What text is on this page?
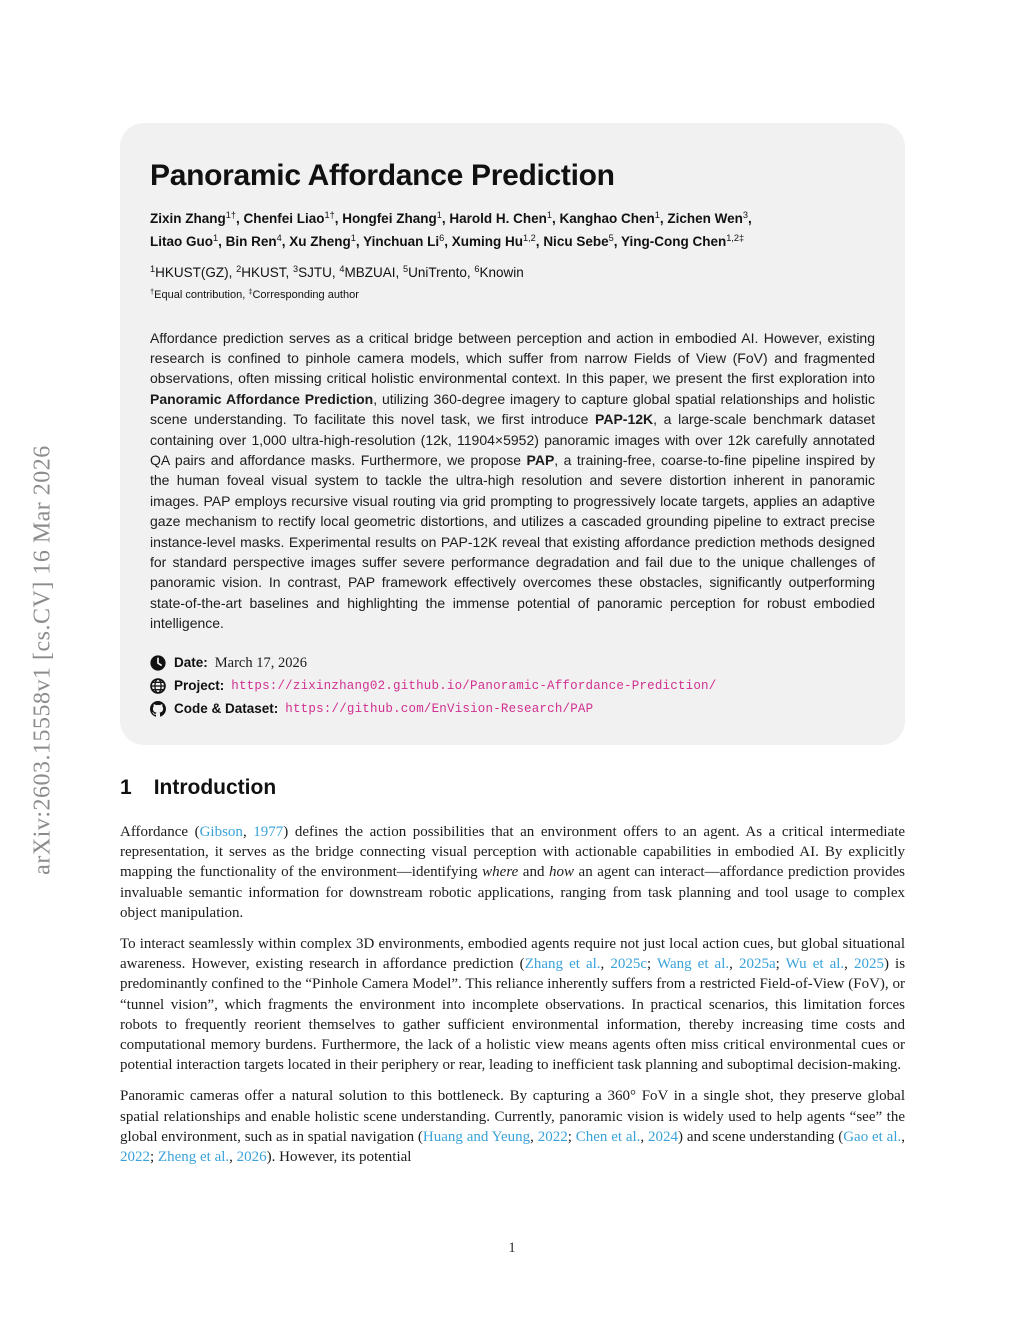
arXiv:2603.15558v1 [cs.CV] 16 Mar 2026
Panoramic Affordance Prediction
Zixin Zhang$^{1\dagger}$, Chenfei Liao$^{1\dagger}$, Hongfei Zhang$^1$, Harold H. Chen$^1$, Kanghao Chen$^1$, Zichen Wen$^3$,
Litao Guo$^1$, Bin Ren$^4$, Xu Zheng$^1$, Yinchuan Li$^6$, Xuming Hu$^{1,2}$, Nicu Sebe$^5$, Ying-Cong Chen$^{1,2\ddagger}$
$^1$HKUST(GZ), $^2$HKUST, $^3$SJTU, $^4$MBZUAI, $^5$UniTrento, $^6$Knowin
†Equal contribution, ‡Corresponding author
Affordance prediction serves as a critical bridge between perception and action in embodied AI. However, existing research is confined to pinhole camera models, which suffer from narrow Fields of View (FoV) and fragmented observations, often missing critical holistic environmental context. In this paper, we present the first exploration into Panoramic Affordance Prediction, utilizing 360-degree imagery to capture global spatial relationships and holistic scene understanding. To facilitate this novel task, we first introduce PAP-12K, a large-scale benchmark dataset containing over 1,000 ultra-high-resolution (12k, 11904×5952) panoramic images with over 12k carefully annotated QA pairs and affordance masks. Furthermore, we propose PAP, a training-free, coarse-to-fine pipeline inspired by the human foveal visual system to tackle the ultra-high resolution and severe distortion inherent in panoramic images. PAP employs recursive visual routing via grid prompting to progressively locate targets, applies an adaptive gaze mechanism to rectify local geometric distortions, and utilizes a cascaded grounding pipeline to extract precise instance-level masks. Experimental results on PAP-12K reveal that existing affordance prediction methods designed for standard perspective images suffer severe performance degradation and fail due to the unique challenges of panoramic vision. In contrast, PAP framework effectively overcomes these obstacles, significantly outperforming state-of-the-art baselines and highlighting the immense potential of panoramic perception for robust embodied intelligence.
Date: March 17, 2026
Project: https://zixinzhang02.github.io/Panoramic-Affordance-Prediction/
Code & Dataset: https://github.com/EnVision-Research/PAP
1 Introduction

Affordance (Gibson, 1977) defines the action possibilities that an environment offers to an agent. As a critical intermediate representation, it serves as the bridge connecting visual perception with actionable capabilities in embodied AI. By explicitly mapping the functionality of the environment—identifying where and how an agent can interact—affordance prediction provides invaluable semantic information for downstream robotic applications, ranging from task planning and tool usage to complex object manipulation.

To interact seamlessly within complex 3D environments, embodied agents require not just local action cues, but global situational awareness. However, existing research in affordance prediction (Zhang et al., 2025c; Wang et al., 2025a; Wu et al., 2025) is predominantly confined to the “Pinhole Camera Model”. This reliance inherently suffers from a restricted Field-of-View (FoV), or “tunnel vision”, which fragments the environment into incomplete observations. In practical scenarios, this limitation forces robots to frequently reorient themselves to gather sufficient environmental information, thereby increasing time costs and computational memory burdens. Furthermore, the lack of a holistic view means agents often miss critical environmental cues or potential interaction targets located in their periphery or rear, leading to inefficient task planning and suboptimal decision-making.

Panoramic cameras offer a natural solution to this bottleneck. By capturing a 360° FoV in a single shot, they preserve global spatial relationships and enable holistic scene understanding. Currently, panoramic vision is widely used to help agents “see” the global environment, such as in spatial navigation (Huang and Yeung, 2022; Chen et al., 2024) and scene understanding (Gao et al., 2022; Zheng et al., 2026). However, its potential

1
